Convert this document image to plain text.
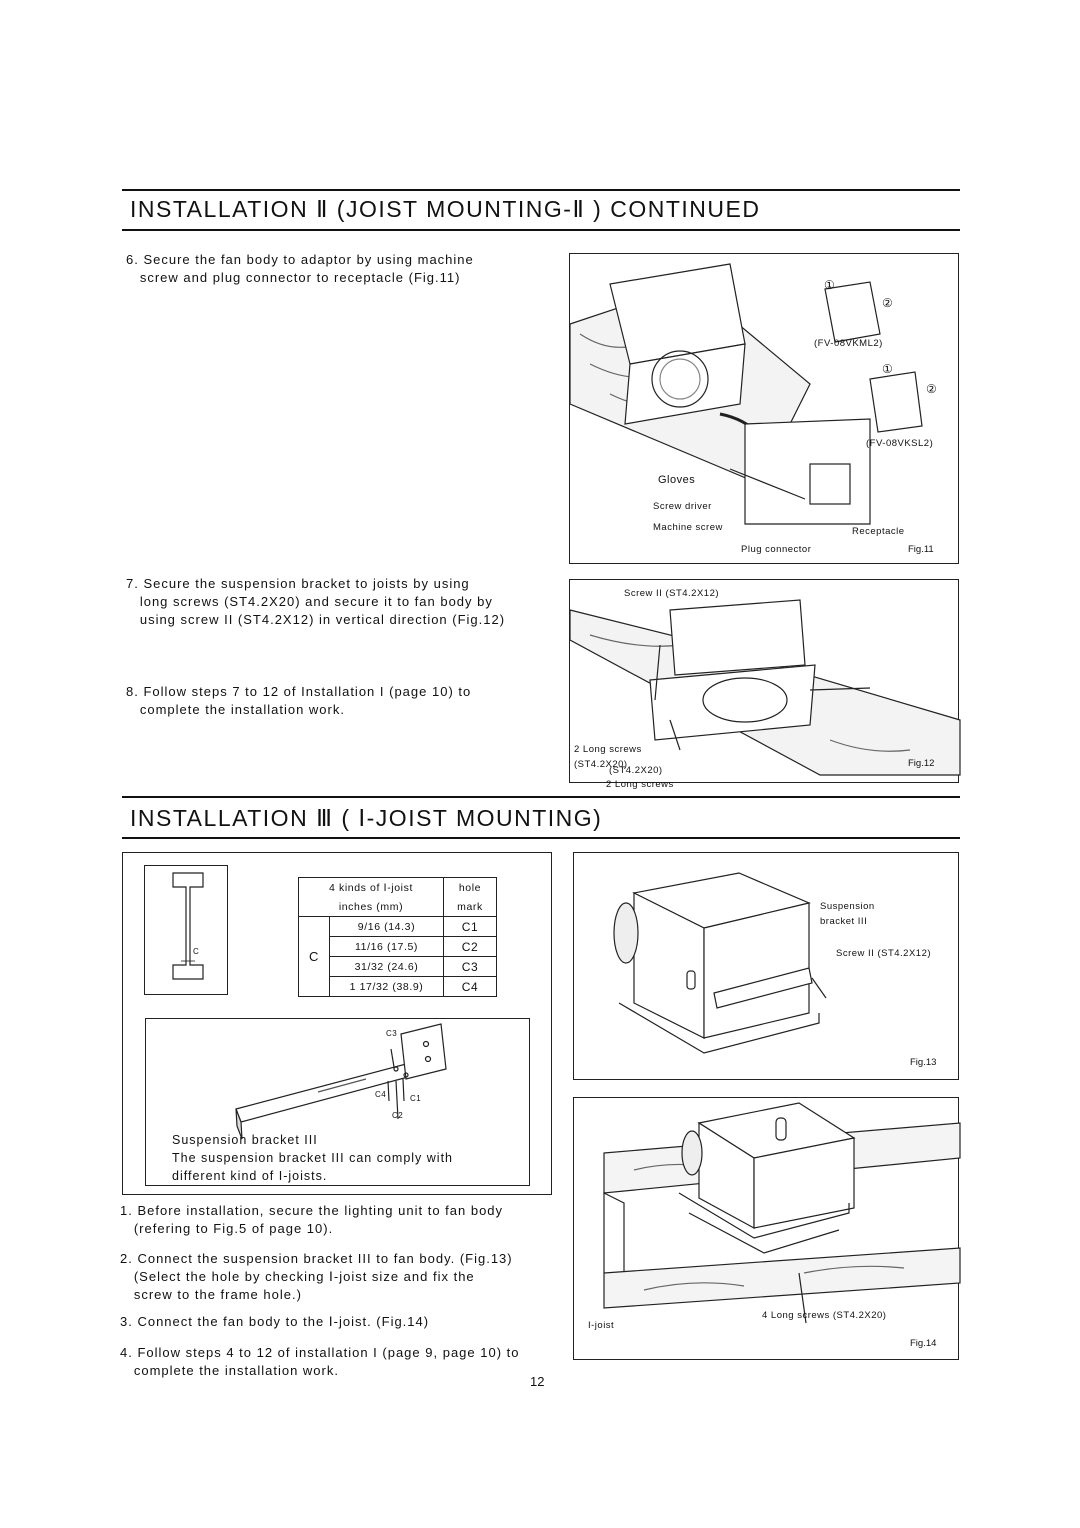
INSTALLATION Ⅱ (JOIST MOUNTING-Ⅱ ) CONTINUED
6. Secure the fan body to adaptor by using machine
screw and plug connector to receptacle (Fig.11)
7. Secure the suspension bracket to joists by using
long screws (ST4.2X20) and secure it to fan body by
using screw II (ST4.2X12) in vertical direction (Fig.12)
8. Follow steps 7 to 12 of Installation I (page 10) to
complete the installation work.
①
②
(FV-08VKML2)
①
②
(FV-08VKSL2)
Gloves
Screw driver
Machine screw	Receptacle
Plug connector	Fig.11
Screw II (ST4.2X12)
2 Long screws
(ST4.2X20)
2 Long screws
Fig.12
(ST4.2X20)
INSTALLATION Ⅲ ( Ⅰ-JOIST MOUNTING)
C
4 kinds of Ⅰ-joist		hole
inches (mm)		mark
C	9/16 (14.3)	C1
	11/16 (17.5)	C2
	31/32 (24.6)	C3
	1 17/32 (38.9)	C4
C3
C4	C1
C2
Suspension bracket III
The suspension bracket III can comply with
different kind of I-joists.
1. Before installation, secure the lighting unit to fan body
(refering to Fig.5 of page 10).
2. Connect the suspension bracket III to fan body. (Fig.13)
(Select the hole by checking Ⅰ-joist size and fix the
screw to the frame hole.)
3. Connect the fan body to the Ⅰ-joist. (Fig.14)
4. Follow steps 4 to 12 of installation I (page 9, page 10) to
complete the installation work.
Suspension
bracket III
Screw II (ST4.2X12)
Fig.13
I-joist
4 Long screws (ST4.2X20)
Fig.14
12
